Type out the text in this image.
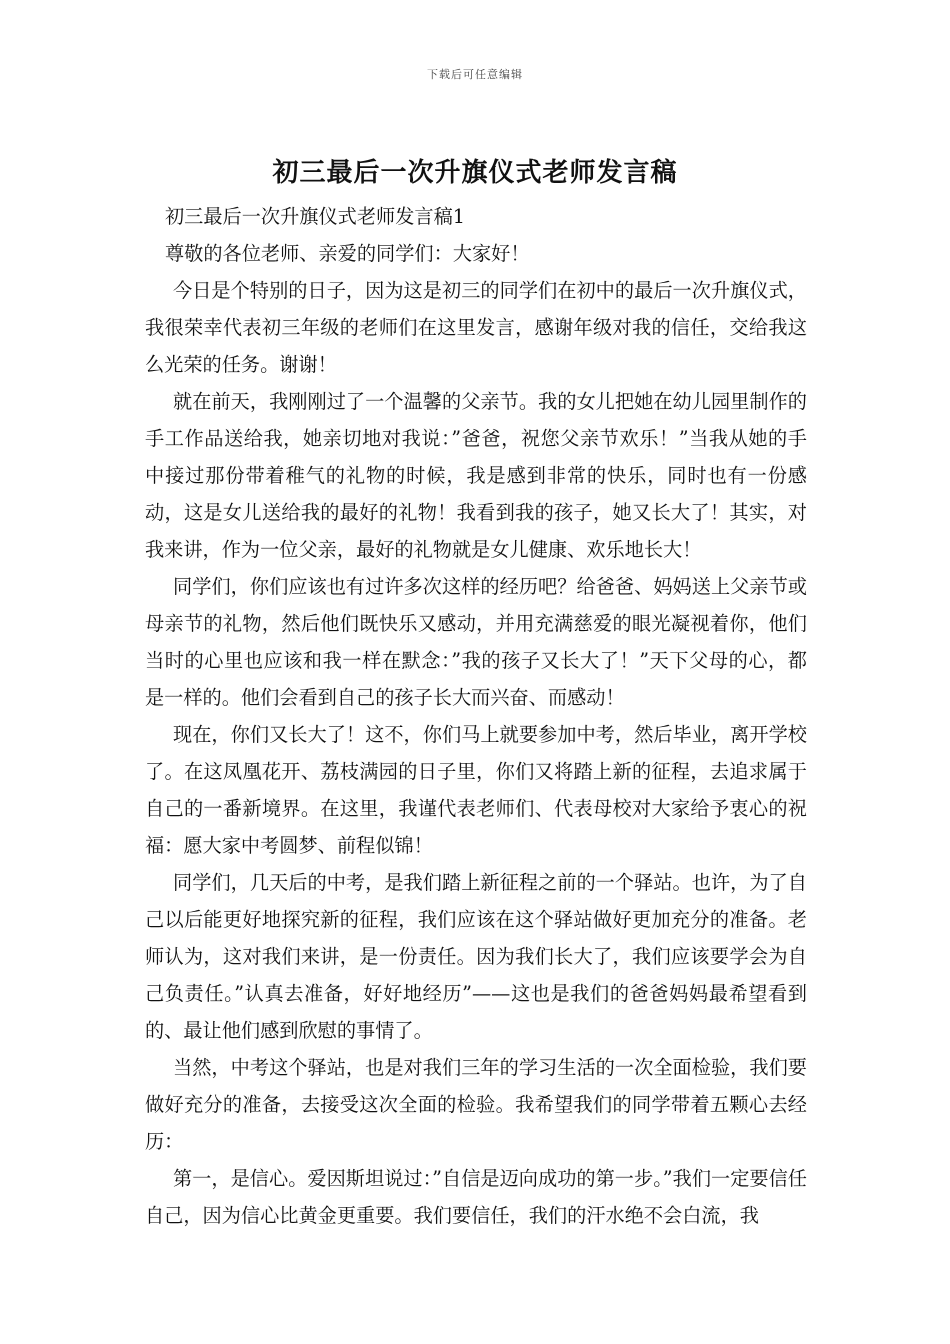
下载后可任意编辑
初三最后一次升旗仪式老师发言稿

初三最后一次升旗仪式老师发言稿1

尊敬的各位老师、亲爱的同学们：大家好！

今日是个特别的日子，因为这是初三的同学们在初中的最后一次升旗仪式，我很荣幸代表初三年级的老师们在这里发言，感谢年级对我的信任，交给我这么光荣的任务。谢谢！

就在前天，我刚刚过了一个温馨的父亲节。我的女儿把她在幼儿园里制作的手工作品送给我，她亲切地对我说：”爸爸，祝您父亲节欢乐！”当我从她的手中接过那份带着稚气的礼物的时候，我是感到非常的快乐，同时也有一份感动，这是女儿送给我的最好的礼物！我看到我的孩子，她又长大了！其实，对我来讲，作为一位父亲，最好的礼物就是女儿健康、欢乐地长大！

同学们，你们应该也有过许多次这样的经历吧？给爸爸、妈妈送上父亲节或母亲节的礼物，然后他们既快乐又感动，并用充满慈爱的眼光凝视着你，他们当时的心里也应该和我一样在默念：”我的孩子又长大了！”天下父母的心，都是一样的。他们会看到自己的孩子长大而兴奋、而感动！

现在，你们又长大了！这不，你们马上就要参加中考，然后毕业，离开学校了。在这凤凰花开、荔枝满园的日子里，你们又将踏上新的征程，去追求属于自己的一番新境界。在这里，我谨代表老师们、代表母校对大家给予衷心的祝福：愿大家中考圆梦、前程似锦！

同学们，几天后的中考，是我们踏上新征程之前的一个驿站。也许，为了自己以后能更好地探究新的征程，我们应该在这个驿站做好更加充分的准备。老师认为，这对我们来讲，是一份责任。因为我们长大了，我们应该要学会为自己负责任。”认真去准备，好好地经历”——这也是我们的爸爸妈妈最希望看到的、最让他们感到欣慰的事情了。

当然，中考这个驿站，也是对我们三年的学习生活的一次全面检验，我们要做好充分的准备，去接受这次全面的检验。我希望我们的同学带着五颗心去经历：

第一，是信心。爱因斯坦说过：”自信是迈向成功的第一步。”我们一定要信任自己，因为信心比黄金更重要。我们要信任，我们的汗水绝不会白流，我
